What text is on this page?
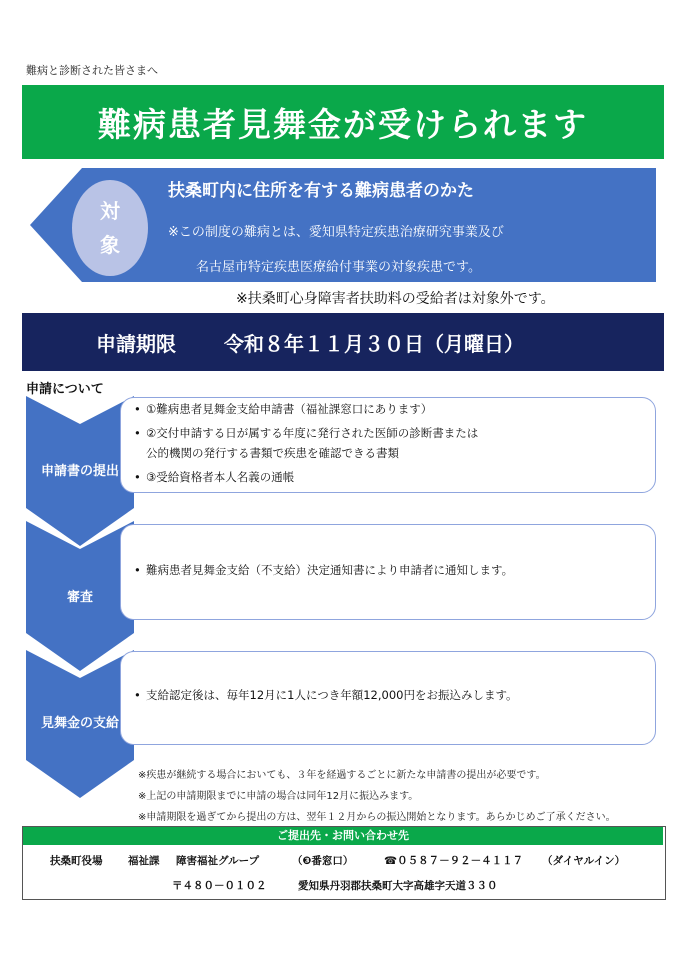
難病と診断された皆さまへ
難病患者見舞金が受けられます
対
象
扶桑町内に住所を有する難病患者のかた
※この制度の難病とは、愛知県特定疾患治療研究事業及び
名古屋市特定疾患医療給付事業の対象疾患です。
※扶桑町心身障害者扶助料の受給者は対象外です。
申請期限 令和８年１１月３０日（月曜日）
申請について
申請書の提出
審査
見舞金の支給
• ①難病患者見舞金支給申請書（福祉課窓口にあります）
• ②交付申請する日が属する年度に発行された医師の診断書または
公的機関の発行する書類で疾患を確認できる書類
• ③受給資格者本人名義の通帳
• 難病患者見舞金支給（不支給）決定通知書により申請者に通知します。
• 支給認定後は、毎年12月に1人につき年額12,000円をお振込みします。
※疾患が継続する場合においても、３年を経過するごとに新たな申請書の提出が必要です。
※上記の申請期限までに申請の場合は同年12月に振込みます。
※申請期限を過ぎてから提出の方は、翌年１２月からの振込開始となります。あらかじめご了承ください。
ご提出先・お問い合わせ先
扶桑町役場 福祉課 障害福祉グループ	（❸番窓口）	☎０５８７－９２－４１１７ （ダイヤルイン）
〒４８０－０１０２	愛知県丹羽郡扶桑町大字高雄字天道３３０
